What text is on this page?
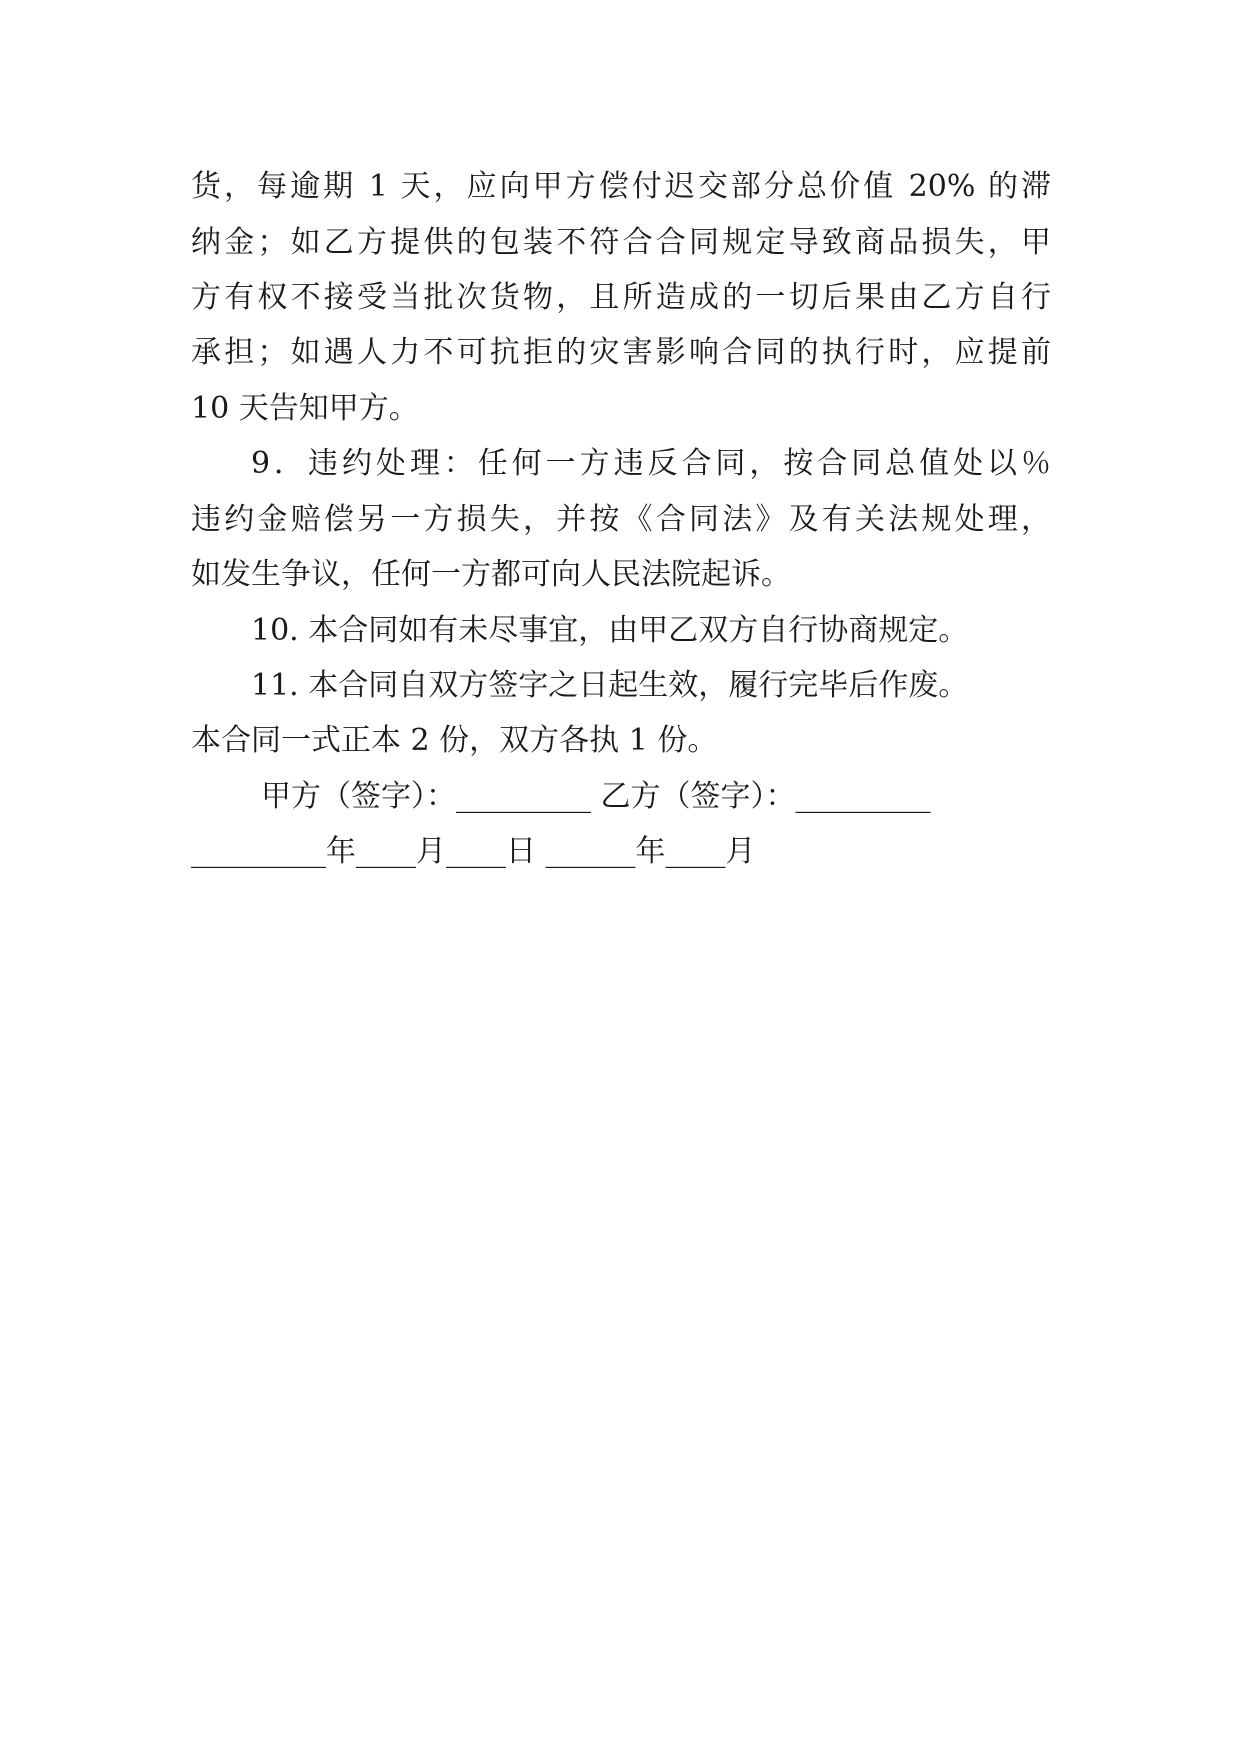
货，每逾期 1 天，应向甲方偿付迟交部分总价值 20% 的滞

纳金；如乙方提供的包装不符合合同规定导致商品损失，甲

方有权不接受当批次货物，且所造成的一切后果由乙方自行

承担；如遇人力不可抗拒的灾害影响合同的执行时，应提前

10 天告知甲方。

9．违约处理：任何一方违反合同，按合同总值处以％

违约金赔偿另一方损失，并按《合同法》及有关法规处理，

如发生争议，任何一方都可向人民法院起诉。

10. 本合同如有未尽事宜，由甲乙双方自行协商规定。

11. 本合同自双方签字之日起生效，履行完毕后作废。

本合同一式正本 2 份，双方各执 1 份。

甲方（签字）：_________ 乙方（签字）：_________

_________年____月____日 ______年____月
